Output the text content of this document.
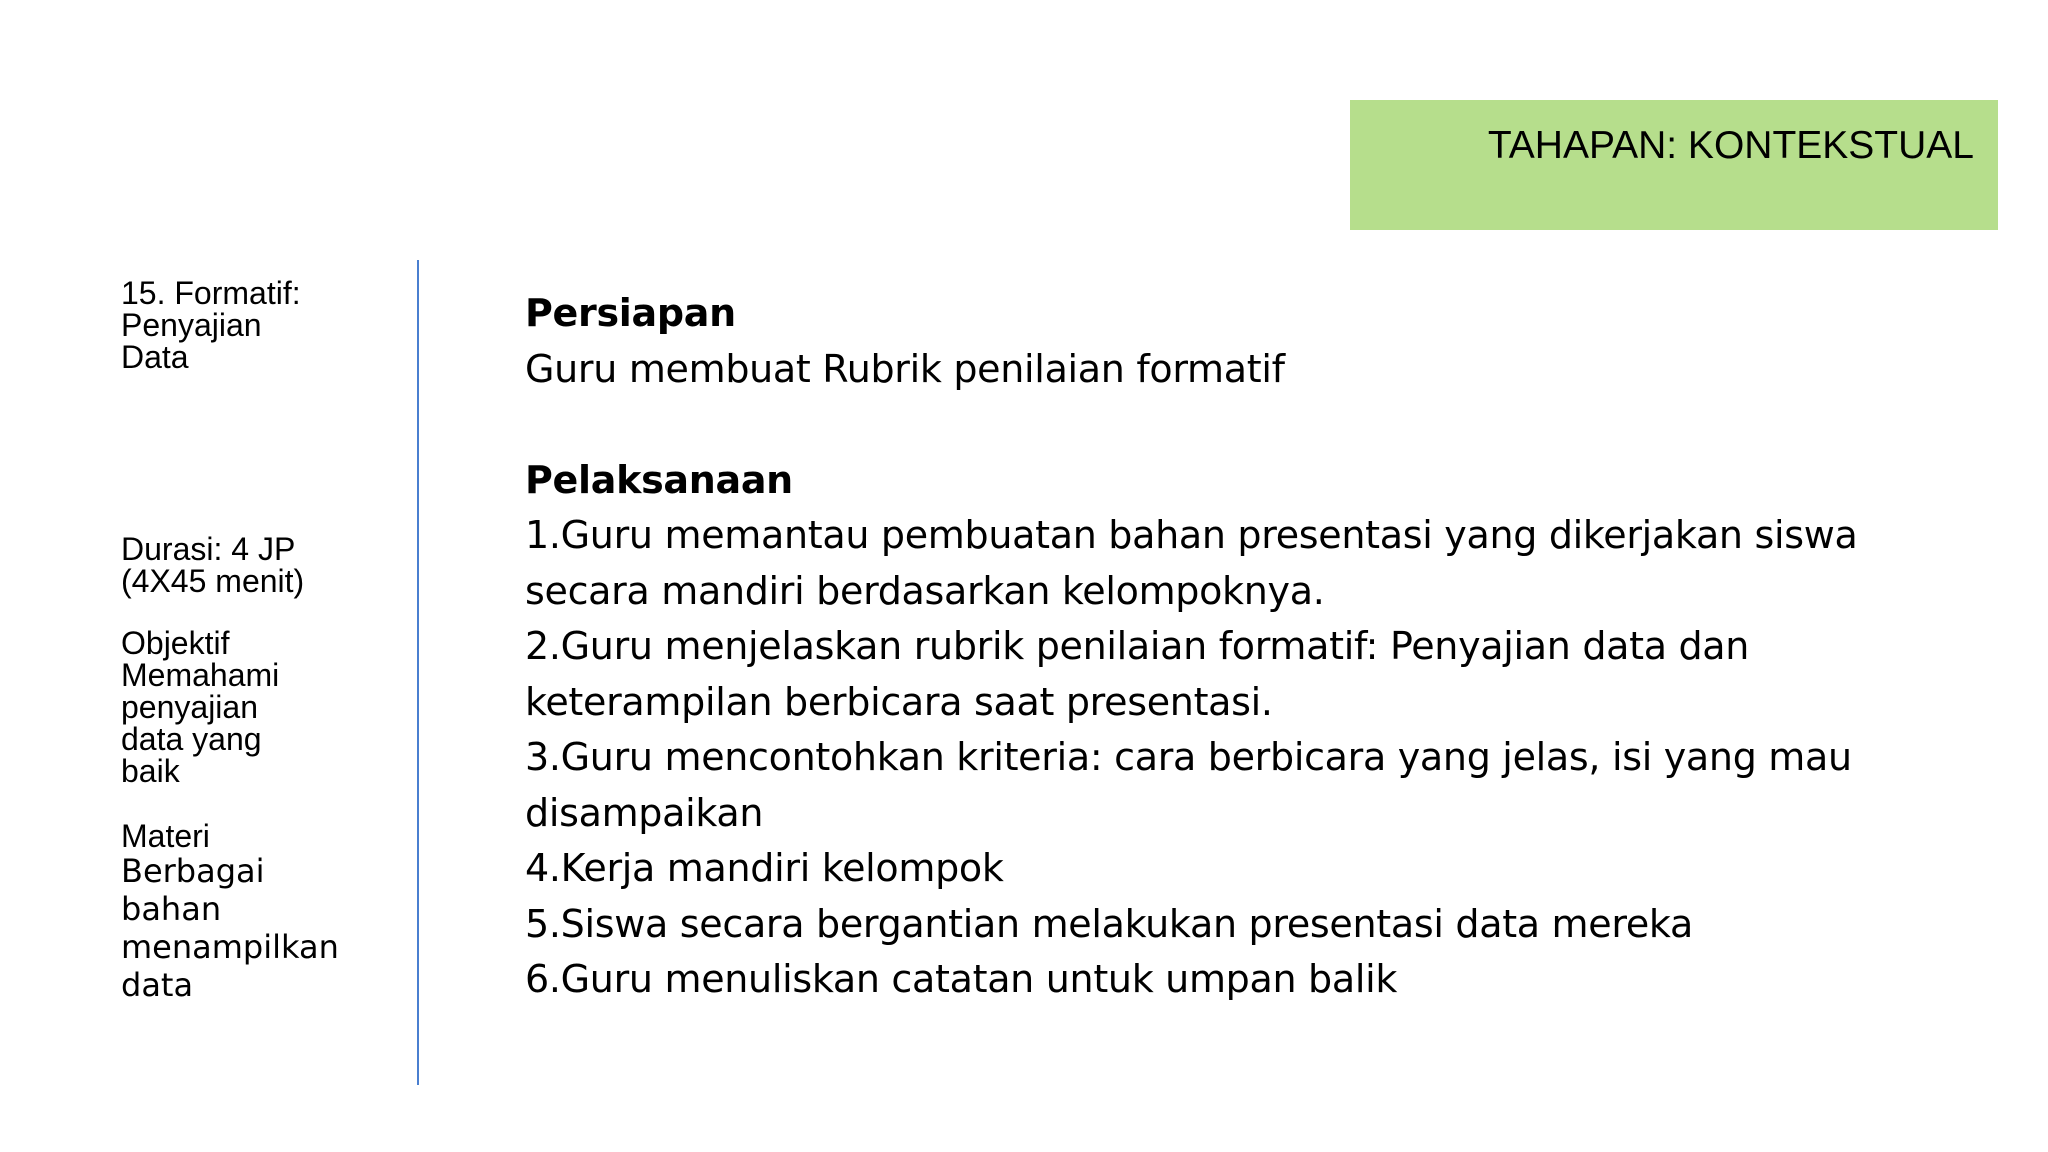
TAHAPAN: KONTEKSTUAL

15. Formatif:

Penyajian

Data

Durasi: 4 JP

(4X45 menit)

Objektif

Memahami

penyajian

data yang

baik

Materi

Berbagai

bahan

menampilkan

data

Persiapan

Guru membuat Rubrik penilaian formatif

Pelaksanaan

1.Guru memantau pembuatan bahan presentasi yang dikerjakan siswa

secara mandiri berdasarkan kelompoknya.

2.Guru menjelaskan rubrik penilaian formatif: Penyajian data dan

keterampilan berbicara saat presentasi.

3.Guru mencontohkan kriteria: cara berbicara yang jelas, isi yang mau

disampaikan

4.Kerja mandiri kelompok

5.Siswa secara bergantian melakukan presentasi data mereka

6.Guru menuliskan catatan untuk umpan balik
